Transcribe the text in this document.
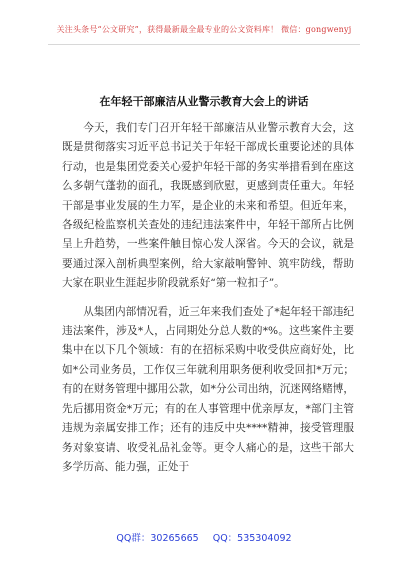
关注头条号“公文研究”，获得最新最全最专业的公文资料库！ 微信：gongwenyj
在年轻干部廉洁从业警示教育大会上的讲话

今天，我们专门召开年轻干部廉洁从业警示教育大会，这既是贯彻落实习近平总书记关于年轻干部成长重要论述的具体行动，也是集团党委关心爱护年轻干部的务实举措看到在座这么多朝气蓬勃的面孔，我既感到欣慰，更感到责任重大。年轻干部是事业发展的生力军，是企业的未来和希望。但近年来，各级纪检监察机关查处的违纪违法案件中，年轻干部所占比例呈上升趋势，一些案件触目惊心发人深省。今天的会议，就是要通过深入剖析典型案例，给大家敲响警钟、筑牢防线，帮助大家在职业生涯起步阶段就系好“第一粒扣子”。

从集团内部情况看，近三年来我们查处了*起年轻干部违纪违法案件，涉及*人，占同期处分总人数的*%。这些案件主要集中在以下几个领域：有的在招标采购中收受供应商好处，比如*公司业务员，工作仅三年就利用职务便利收受回扣*万元；有的在财务管理中挪用公款，如*分公司出纳，沉迷网络赌博，先后挪用资金*万元；有的在人事管理中优亲厚友，*部门主管违规为亲属安排工作；还有的违反中央****精神，接受管理服务对象宴请、收受礼品礼金等。更令人痛心的是，这些干部大多学历高、能力强，正处于

QQ群：30265665 QQ：535304092
